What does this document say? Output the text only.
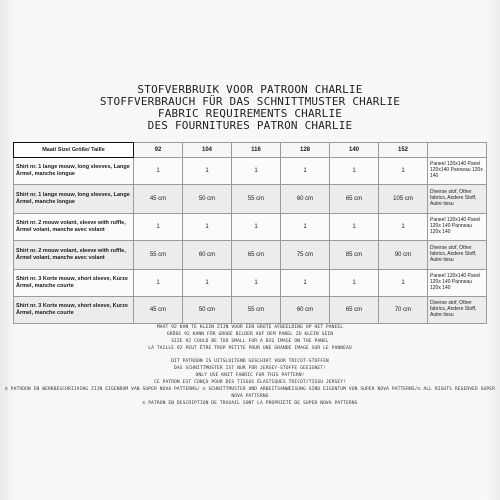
STOFVERBRUIK VOOR PATROON CHARLIE
STOFFVERBRAUCH FÜR DAS SCHNITTMUSTER CHARLIE
FABRIC REQUIREMENTS CHARLIE
DES FOURNITURES PATRON CHARLIE
Maat/ Size/ Größe/ Taille	92	104	116	128	140	152	
Shirt nr. 1 lange mouw, long sleeves, Lange Ärmel, manche longue	1	1	1	1	1	1	Paneel 120x140 Panel 120x140 Panneau 120x 140
Shirt nr. 1 lange mouw, long sleeves, Lange Ärmel, manche longue	45 cm	50 cm	55 cm	60 cm	65 cm	105 cm	Diverse stof, Other fabrics, Andere Stoff, Autre tissu
Shirt nr. 2 mouw volant, sleeve with ruffle, Ärmel volant, manche avec volant	1	1	1	1	1	1	Paneel 120x140 Panel 120x 140 Panneau 120x 140
Shirt nr. 2 mouw volant, sleeve with ruffle, Ärmel volant, manche avec volant	55 cm	60 cm	65 cm	75 cm	85 cm	90 cm	Diverse stof, Other fabrics, Andere Stoff, Autre tissu
Shirt nr. 3 Korte mouw, short sleeve, Kurze Ärmel, manche courte	1	1	1	1	1	1	Paneel 120x140 Panel 120x 140 Panneau 120x 140
Shirt nr. 3 Korte mouw, short sleeve, Kurze Ärmel, manche courte	45 cm	50 cm	55 cm	60 cm	65 cm	70 cm	Diverse stof, Other fabrics, Andere Stoff, Autre tissu
MAAT 92 KAN TE KLEIN ZIJN VOOR EEN GROTE AFBEELDING OP HET PANEEL
GRÖßE 92 KANN FÜR GROßE BILDER AUF DEM PANEL ZU KLEIN SEIN
SIZE 92 COULD BE TOO SMALL FOR A BIG IMAGE ON THE PANEL
LA TAILLE 92 PEUT ÊTRE TROP PETITE POUR UNE GRANDE IMAGE SUR LE PANNEAU
DIT PATROON IS UITSLUITEND GESCHIKT VOOR TRICOT-STOFFEN
DAS SCHNITTMUSTER IST NUR FÜR JERSEY-STOFFE GEEIGNET!
ONLY USE KNIT FABRIC FOR THIS PATTERN!
CE PATRON EST CONÇU POUR DES TISSUS ÉLASTIQUES TRICOT/TISSU JERSEY!
© PATROON EN WERKBESCHRIJVING ZIJN EIGENDOM VAN SUPER NOVA PATTERNS/ © SCHNITTMUSTER UND ARBEITSANWEISUNG SIND EIGENTUM VON SUPER NOVA PATTERNS/© ALL RIGHTS RESERVED SUPER NOVA PATTERNS
© PATRON EN DESCRIPTION DE TRAVAIL SONT LA PROPRIÉTÉ DE SUPER NOVA PATTERNS
